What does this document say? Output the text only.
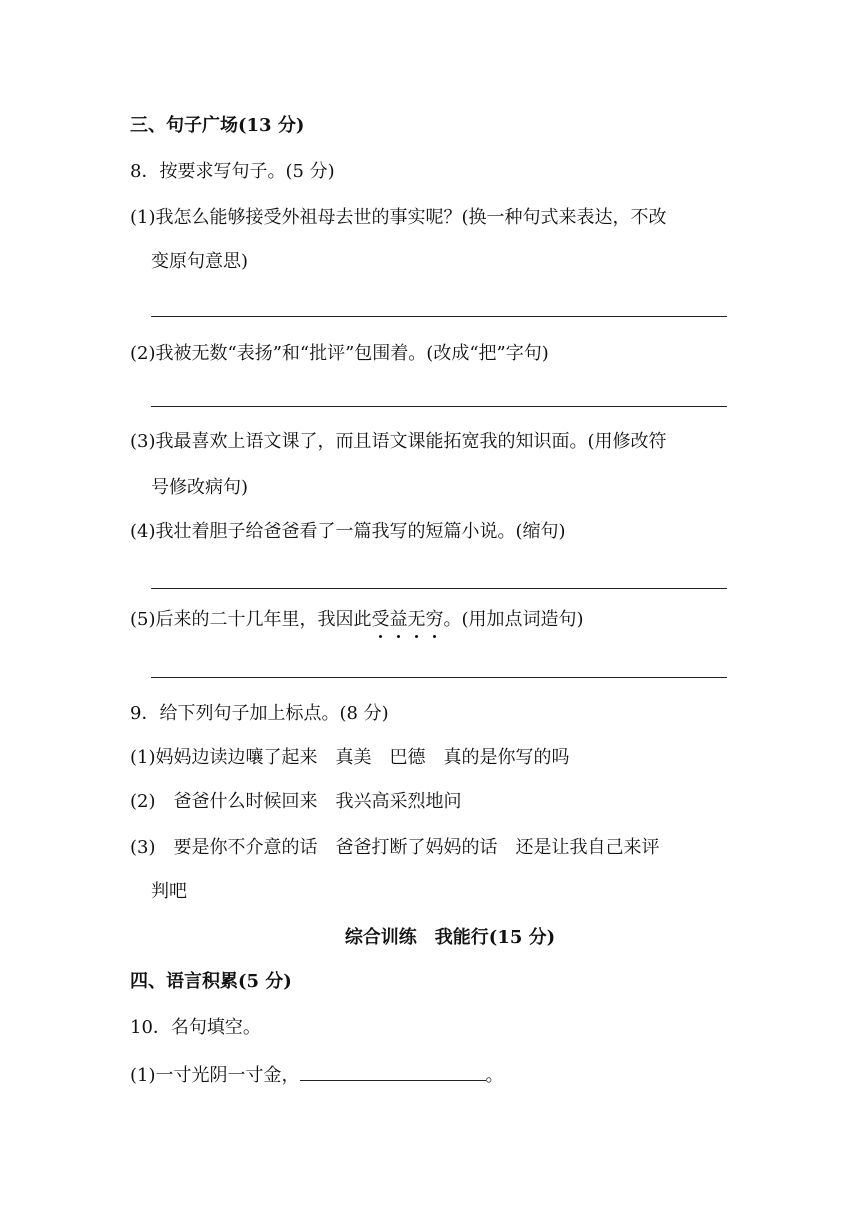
三、句子广场(13 分)
8．按要求写句子。(5 分)
(1)我怎么能够接受外祖母去世的事实呢？(换一种句式来表达，不改
变原句意思)
(2)我被无数“表扬”和“批评”包围着。(改成“把”字句)
(3)我最喜欢上语文课了，而且语文课能拓宽我的知识面。(用修改符
号修改病句)
(4)我壮着胆子给爸爸看了一篇我写的短篇小说。(缩句)
(5)后来的二十几年里，我因此受益无穷。(用加点词造句)
9．给下列句子加上标点。(8 分)
(1)妈妈边读边嚷了起来　真美　巴德　真的是你写的吗
(2)　爸爸什么时候回来　我兴高采烈地问
(3)　要是你不介意的话　爸爸打断了妈妈的话　还是让我自己来评
判吧
综合训练　我能行(15 分)
四、语言积累(5 分)
10．名句填空。
(1)一寸光阴一寸金，	。
